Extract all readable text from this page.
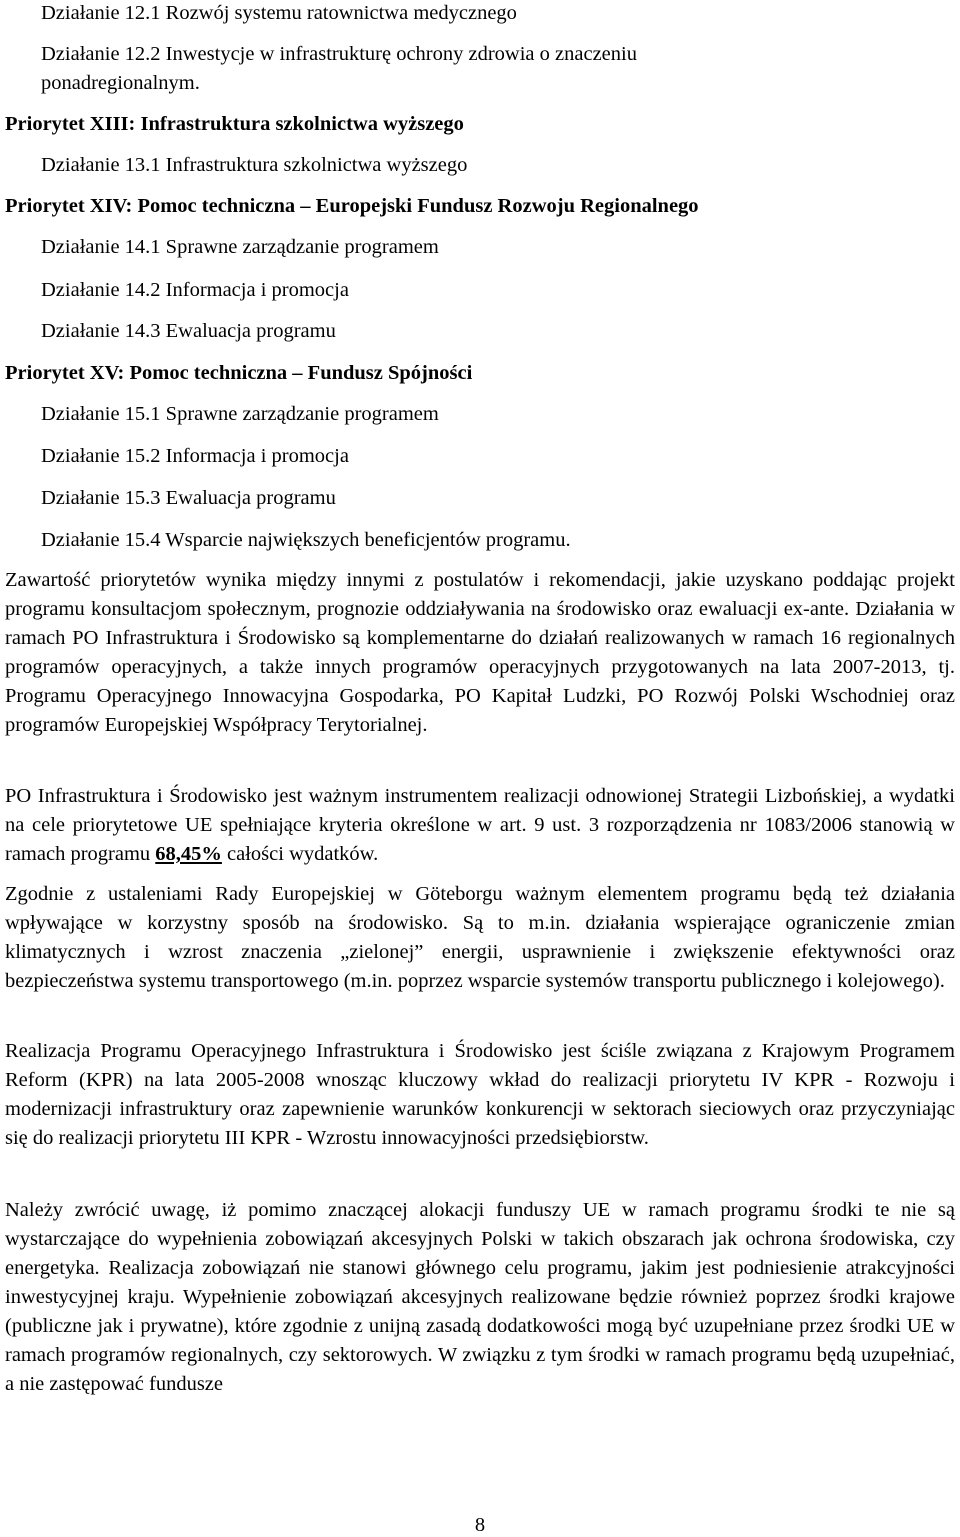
Działanie 12.1 Rozwój systemu ratownictwa medycznego
Działanie 12.2 Inwestycje w infrastrukturę ochrony zdrowia o znaczeniu
ponadregionalnym.
Priorytet XIII: Infrastruktura szkolnictwa wyższego
Działanie 13.1 Infrastruktura szkolnictwa wyższego
Priorytet XIV: Pomoc techniczna – Europejski Fundusz Rozwoju Regionalnego
Działanie 14.1 Sprawne zarządzanie programem
Działanie 14.2 Informacja i promocja
Działanie 14.3 Ewaluacja programu
Priorytet XV: Pomoc techniczna – Fundusz Spójności
Działanie 15.1 Sprawne zarządzanie programem
Działanie 15.2 Informacja i promocja
Działanie 15.3 Ewaluacja programu
Działanie 15.4 Wsparcie największych beneficjentów programu.

Zawartość priorytetów wynika między innymi z postulatów i rekomendacji, jakie uzyskano poddając projekt programu konsultacjom społecznym, prognozie oddziaływania na środowisko oraz ewaluacji ex-ante. Działania w ramach PO Infrastruktura i Środowisko są komplementarne do działań realizowanych w ramach 16 regionalnych programów operacyjnych, a także innych programów operacyjnych przygotowanych na lata 2007-2013, tj. Programu Operacyjnego Innowacyjna Gospodarka, PO Kapitał Ludzki, PO Rozwój Polski Wschodniej oraz programów Europejskiej Współpracy Terytorialnej.

PO Infrastruktura i Środowisko jest ważnym instrumentem realizacji odnowionej Strategii Lizbońskiej, a wydatki na cele priorytetowe UE spełniające kryteria określone w art. 9 ust. 3 rozporządzenia nr 1083/2006 stanowią w ramach programu 68,45% całości wydatków.

Zgodnie z ustaleniami Rady Europejskiej w Göteborgu ważnym elementem programu będą też działania wpływające w korzystny sposób na środowisko. Są to m.in. działania wspierające ograniczenie zmian klimatycznych i wzrost znaczenia „zielonej” energii, usprawnienie i zwiększenie efektywności oraz bezpieczeństwa systemu transportowego (m.in. poprzez wsparcie systemów transportu publicznego i kolejowego).

Realizacja Programu Operacyjnego Infrastruktura i Środowisko jest ściśle związana z Krajowym Programem Reform (KPR) na lata 2005-2008 wnosząc kluczowy wkład do realizacji priorytetu IV KPR - Rozwoju i modernizacji infrastruktury oraz zapewnienie warunków konkurencji w sektorach sieciowych oraz przyczyniając się do realizacji priorytetu III KPR - Wzrostu innowacyjności przedsiębiorstw.

Należy zwrócić uwagę, iż pomimo znaczącej alokacji funduszy UE w ramach programu środki te nie są wystarczające do wypełnienia zobowiązań akcesyjnych Polski w takich obszarach jak ochrona środowiska, czy energetyka. Realizacja zobowiązań nie stanowi głównego celu programu, jakim jest podniesienie atrakcyjności inwestycyjnej kraju. Wypełnienie zobowiązań akcesyjnych realizowane będzie również poprzez środki krajowe (publiczne jak i prywatne), które zgodnie z unijną zasadą dodatkowości mogą być uzupełniane przez środki UE w ramach programów regionalnych, czy sektorowych. W związku z tym środki w ramach programu będą uzupełniać, a nie zastępować fundusze

8
